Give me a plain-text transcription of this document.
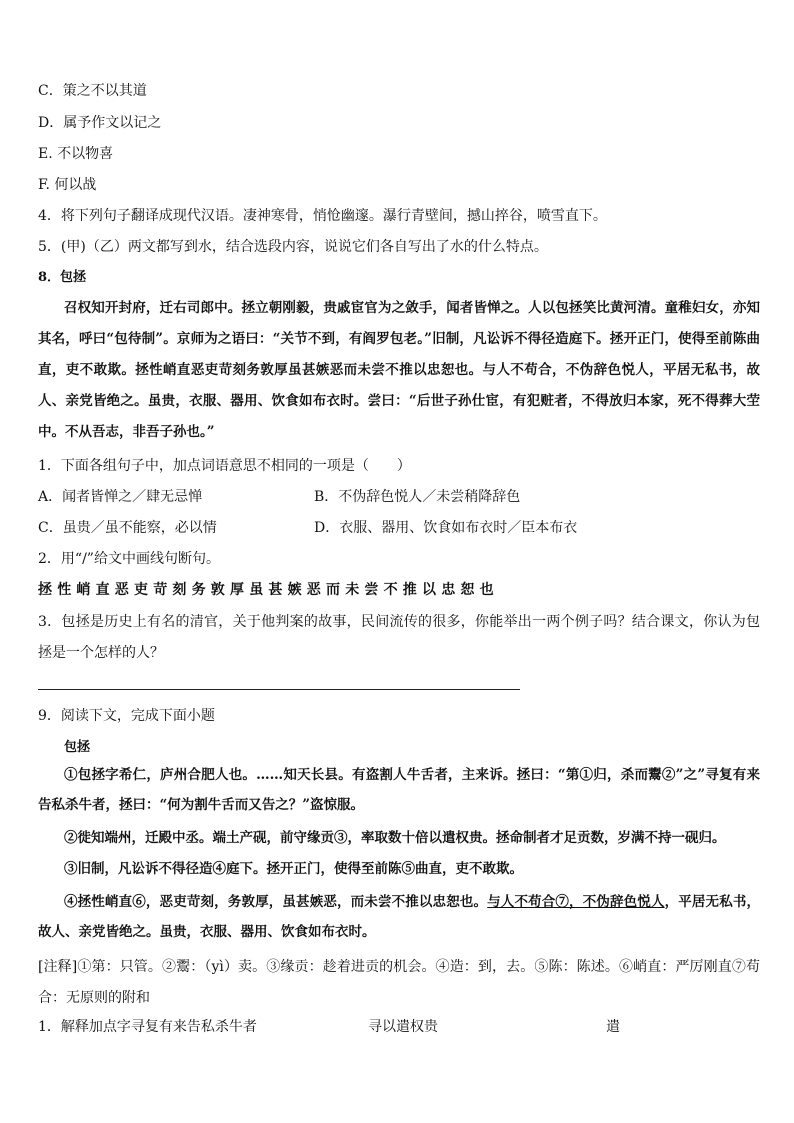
C．策之不以其道
D．属予作文以记之
E. 不以物喜
F. 何以战
4．将下列句子翻译成现代汉语。凄神寒骨，悄怆幽邃。瀑行青壁间，撼山捽谷，喷雪直下。
5．(甲)（乙）两文都写到水，结合选段内容，说说它们各自写出了水的什么特点。
8．包拯
召权知开封府，迁右司郎中。拯立朝刚毅，贵戚宦官为之敛手，闻者皆惮之。人以包拯笑比黄河清。童稚妇女，亦知其名，呼曰“包待制”。京师为之语曰：“关节不到，有阎罗包老。”旧制，凡讼诉不得径造庭下。拯开正门，使得至前陈曲直，吏不敢欺。拯性峭直恶吏苛刻务敦厚虽甚嫉恶而未尝不推以忠恕也。与人不苟合，不伪辞色悦人，平居无私书，故人、亲党皆绝之。虽贵，衣服、器用、饮食如布衣时。尝曰：“后世子孙仕宦，有犯赃者，不得放归本家，死不得葬大茔中。不从吾志，非吾子孙也。”
1．下面各组句子中，加点词语意思不相同的一项是（　　）
A．闻者皆惮之／肆无忌惮	B．不伪辞色悦人／未尝稍降辞色
C．虽贵／虽不能察，必以情	D．衣服、器用、饮食如布衣时／臣本布衣
2．用“/”给文中画线句断句。
拯性峭直恶吏苛刻务敦厚虽甚嫉恶而未尝不推以忠恕也
3．包拯是历史上有名的清官，关于他判案的故事，民间流传的很多，你能举出一两个例子吗？结合课文，你认为包拯是一个怎样的人？
9．阅读下文，完成下面小题
包拯
①包拯字希仁，庐州合肥人也。……知天长县。有盗割人牛舌者，主来诉。拯曰：“第①归，杀而鬻②”之”寻复有来告私杀牛者，拯曰：“何为割牛舌而又告之？”盗惊服。
②徙知端州，迁殿中丞。端土产砚，前守缘贡③，率取数十倍以遣权贵。拯命制者才足贡数，岁满不持一砚归。
③旧制，凡讼诉不得径造④庭下。拯开正门，使得至前陈⑤曲直，吏不敢欺。
④拯性峭直⑥，恶吏苛刻，务敦厚，虽甚嫉恶，而未尝不推以忠恕也。与人不苟合⑦，不伪辞色悦人，平居无私书，故人、亲党皆绝之。虽贵，衣服、器用、饮食如布衣时。
[注释]①第：只管。②鬻：（yì）卖。③缘贡：趁着进贡的机会。④造：到，去。⑤陈：陈述。⑥峭直：严厉刚直⑦苟合：无原则的附和
1．解释加点字寻复有来告私杀牛者	寻以遣权贵	遣
